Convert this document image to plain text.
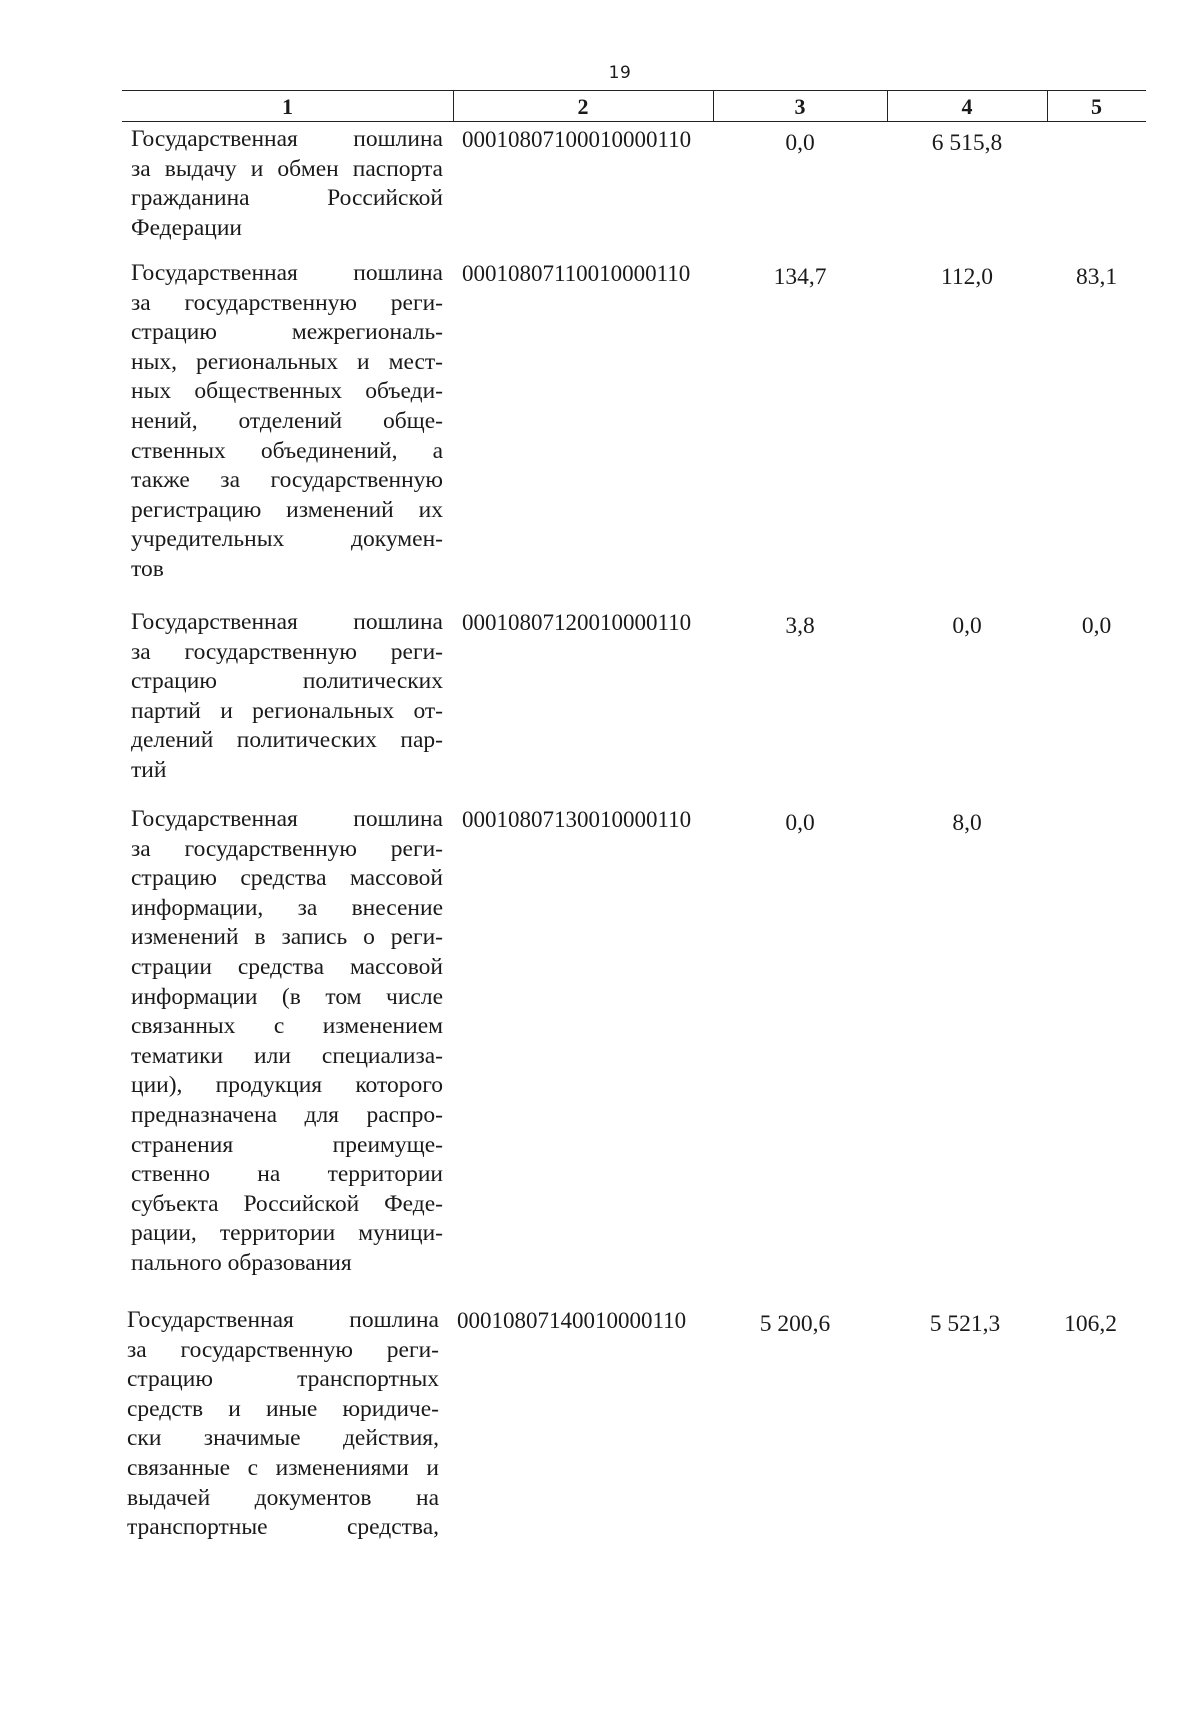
19
1	2	3	4	5
Государственная пошлина
за выдачу и обмен паспорта
гражданина Российской
Федерации
00010807100010000110	0,0	6 515,8
Государственная пошлина
за государственную реги-
страцию межрегиональ-
ных, региональных и мест-
ных общественных объеди-
нений, отделений обще-
ственных объединений, а
также за государственную
регистрацию изменений их
учредительных докумен-
тов
00010807110010000110	134,7	112,0	83,1
Государственная пошлина
за государственную реги-
страцию политических
партий и региональных от-
делений политических пар-
тий
00010807120010000110	3,8	0,0	0,0
Государственная пошлина
за государственную реги-
страцию средства массовой
информации, за внесение
изменений в запись о реги-
страции средства массовой
информации (в том числе
связанных с изменением
тематики или специализа-
ции), продукция которого
предназначена для распро-
странения преимуще-
ственно на территории
субъекта Российской Феде-
рации, территории муници-
пального образования
00010807130010000110	0,0	8,0
Государственная пошлина
за государственную реги-
страцию транспортных
средств и иные юридиче-
ски значимые действия,
связанные с изменениями и
выдачей документов на
транспортные средства,
00010807140010000110	5 200,6	5 521,3	106,2
